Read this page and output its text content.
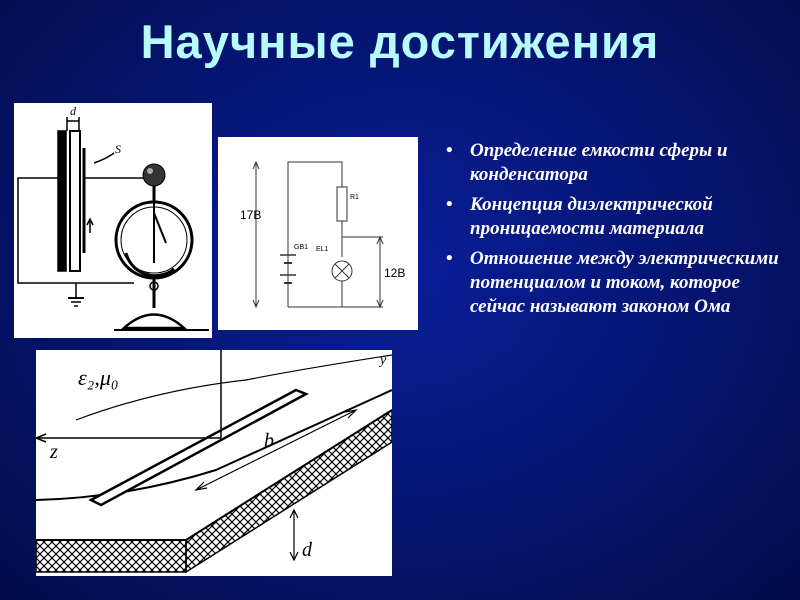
Научные достижения
d
S
17В
12В
GB1
R1
EL1
ε₂,μ₀
b
z
d
y
• Определение емкости сферы и конденсатора
• Концепция диэлектрической проницаемости материала
• Отношение между электрическими потенциалом и током, которое сейчас называют законом Ома
